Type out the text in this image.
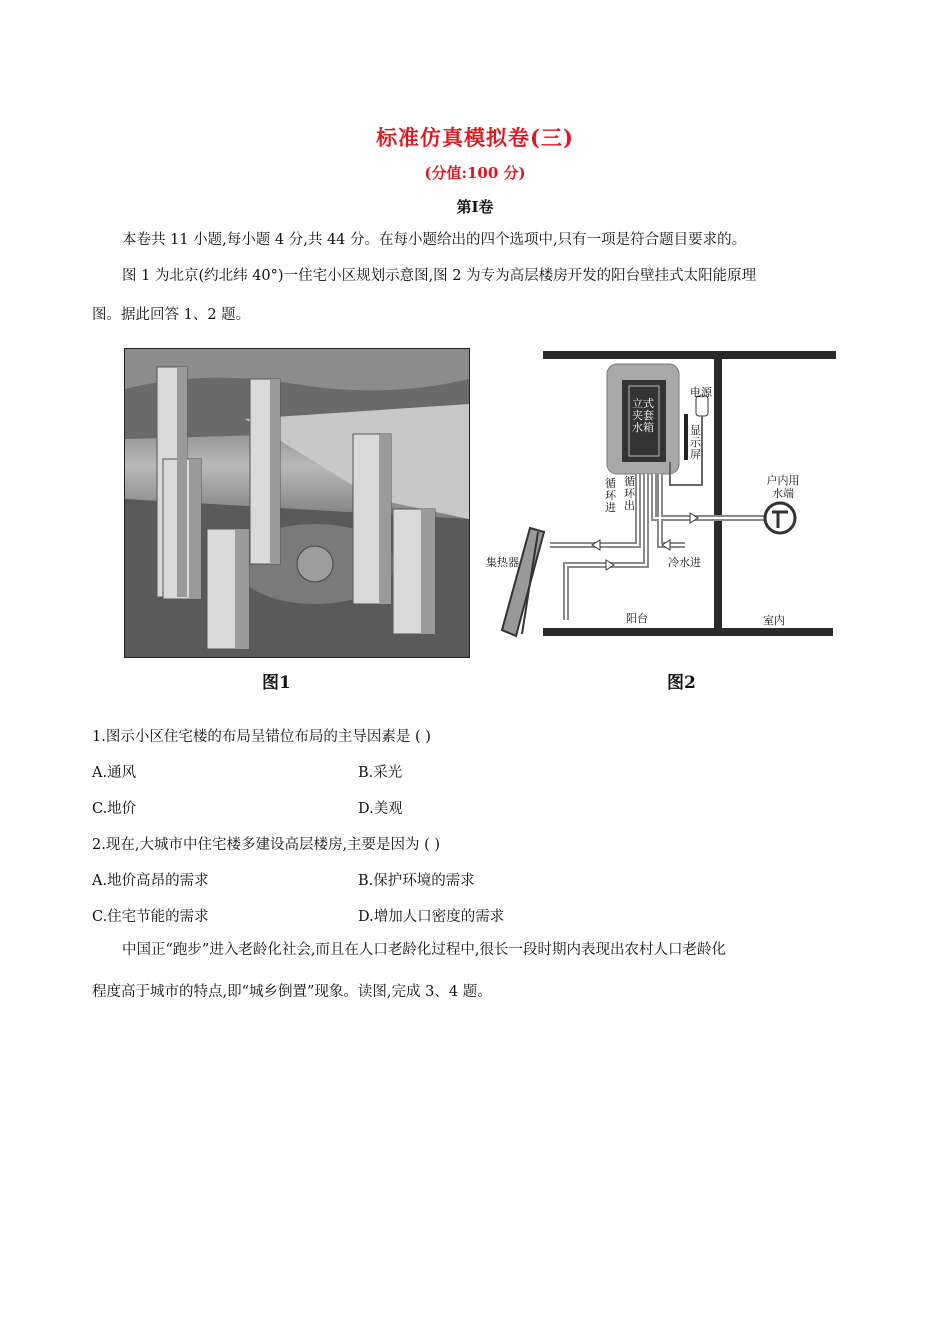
标准仿真模拟卷(三)
(分值:100 分)
第Ⅰ卷
本卷共 11 小题,每小题 4 分,共 44 分。在每小题给出的四个选项中,只有一项是符合题目要求的。
图 1 为北京(约北纬 40°)一住宅小区规划示意图,图 2 为专为高层楼房开发的阳台壁挂式太阳能原理
图。据此回答 1、2 题。
图1
立式夹套水箱
电源
显示屏
循环进
循环出
户内用水端
集热器	冷水进
阳台	室内
图2
1.图示小区住宅楼的布局呈错位布局的主导因素是 ( )
A.通风	B.采光
C.地价	D.美观
2.现在,大城市中住宅楼多建设高层楼房,主要是因为 ( )
A.地价高昂的需求	B.保护环境的需求
C.住宅节能的需求	D.增加人口密度的需求
中国正“跑步”进入老龄化社会,而且在人口老龄化过程中,很长一段时期内表现出农村人口老龄化
程度高于城市的特点,即“城乡倒置”现象。读图,完成 3、4 题。
